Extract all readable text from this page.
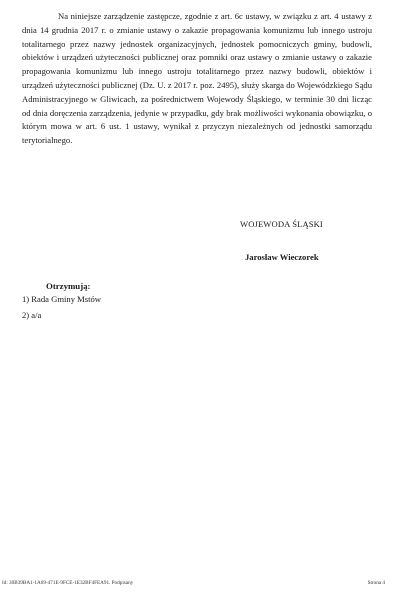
Na niniejsze zarządzenie zastępcze, zgodnie z art. 6c ustawy, w związku z art. 4 ustawy z dnia 14 grudnia 2017 r. o zmianie ustawy o zakazie propagowania komunizmu lub innego ustroju totalitarnego przez nazwy jednostek organizacyjnych, jednostek pomocniczych gminy, budowli, obiektów i urządzeń użyteczności publicznej oraz pomniki oraz ustawy o zmianie ustawy o zakazie propagowania komunizmu lub innego ustroju totalitarnego przez nazwy budowli, obiektów i urządzeń użyteczności publicznej (Dz. U. z 2017 r. poz. 2495), służy skarga do Wojewódzkiego Sądu Administracyjnego w Gliwicach, za pośrednictwem Wojewody Śląskiego, w terminie 30 dni licząc od dnia doręczenia zarządzenia, jedynie w przypadku, gdy brak możliwości wykonania obowiązku, o którym mowa w art. 6 ust. 1 ustawy, wynikał z przyczyn niezależnych od jednostki samorządu terytorialnego.

WOJEWODA ŚLĄSKI
Jarosław Wieczorek
Otrzymują:
1) Rada Gminy Mstów
2) a/a
Id: 30B39BA1-1A69-471E-9FCE-1E32BF4FEA91. Podpisany	Strona 4
